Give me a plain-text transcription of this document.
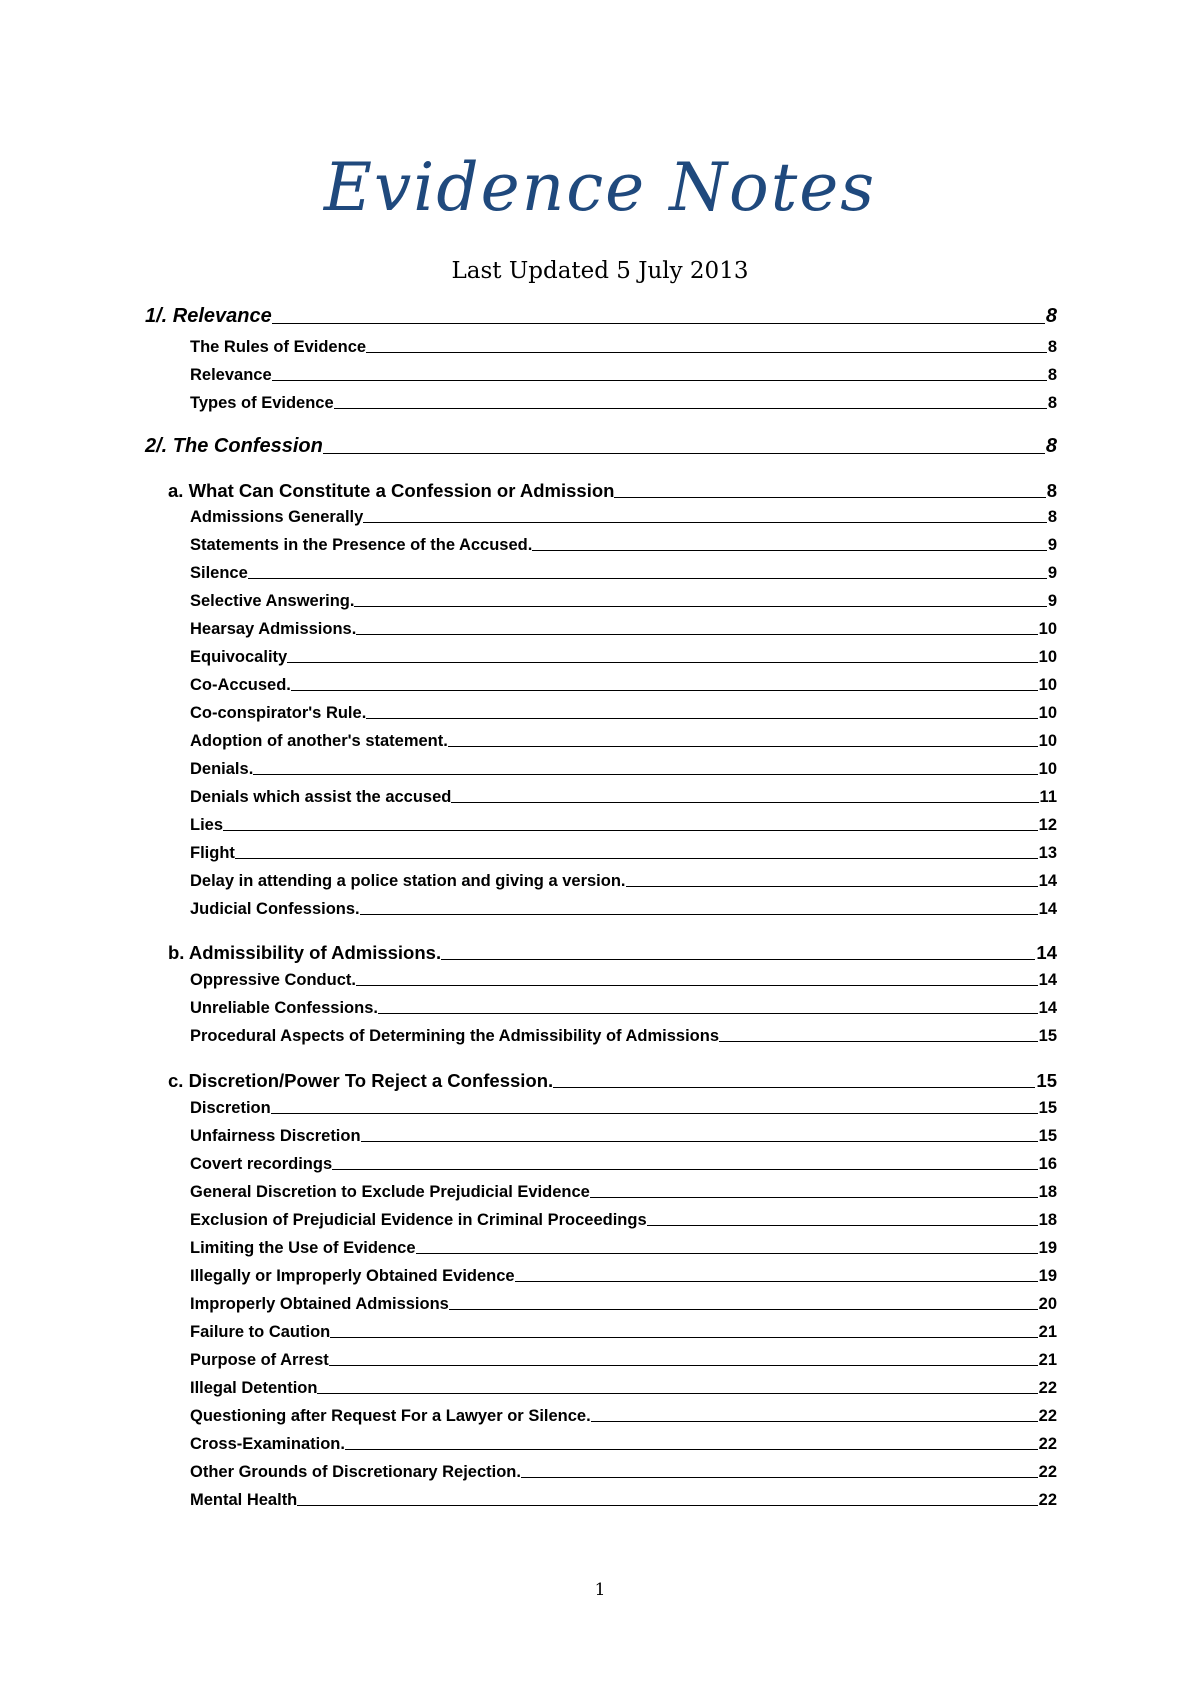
Evidence Notes
Last Updated 5 July 2013
1/. Relevance	8
The Rules of Evidence	8
Relevance	8
Types of Evidence	8
2/. The Confession	8
a. What Can Constitute a Confession or Admission	8
Admissions Generally	8
Statements in the Presence of the Accused.	9
Silence	9
Selective Answering.	9
Hearsay Admissions.	10
Equivocality	10
Co-Accused.	10
Co-conspirator's Rule.	10
Adoption of another's statement.	10
Denials.	10
Denials which assist the accused	11
Lies	12
Flight	13
Delay in attending a police station and giving a version.	14
Judicial Confessions.	14
b. Admissibility of Admissions.	14
Oppressive Conduct.	14
Unreliable Confessions.	14
Procedural Aspects of Determining the Admissibility of Admissions	15
c. Discretion/Power To Reject a Confession.	15
Discretion	15
Unfairness Discretion	15
Covert recordings	16
General Discretion to Exclude Prejudicial Evidence	18
Exclusion of Prejudicial Evidence in Criminal Proceedings	18
Limiting the Use of Evidence	19
Illegally or Improperly Obtained Evidence	19
Improperly Obtained Admissions	20
Failure to Caution	21
Purpose of Arrest	21
Illegal Detention	22
Questioning after Request For a Lawyer or Silence.	22
Cross-Examination.	22
Other Grounds of Discretionary Rejection.	22
Mental Health	22
1
